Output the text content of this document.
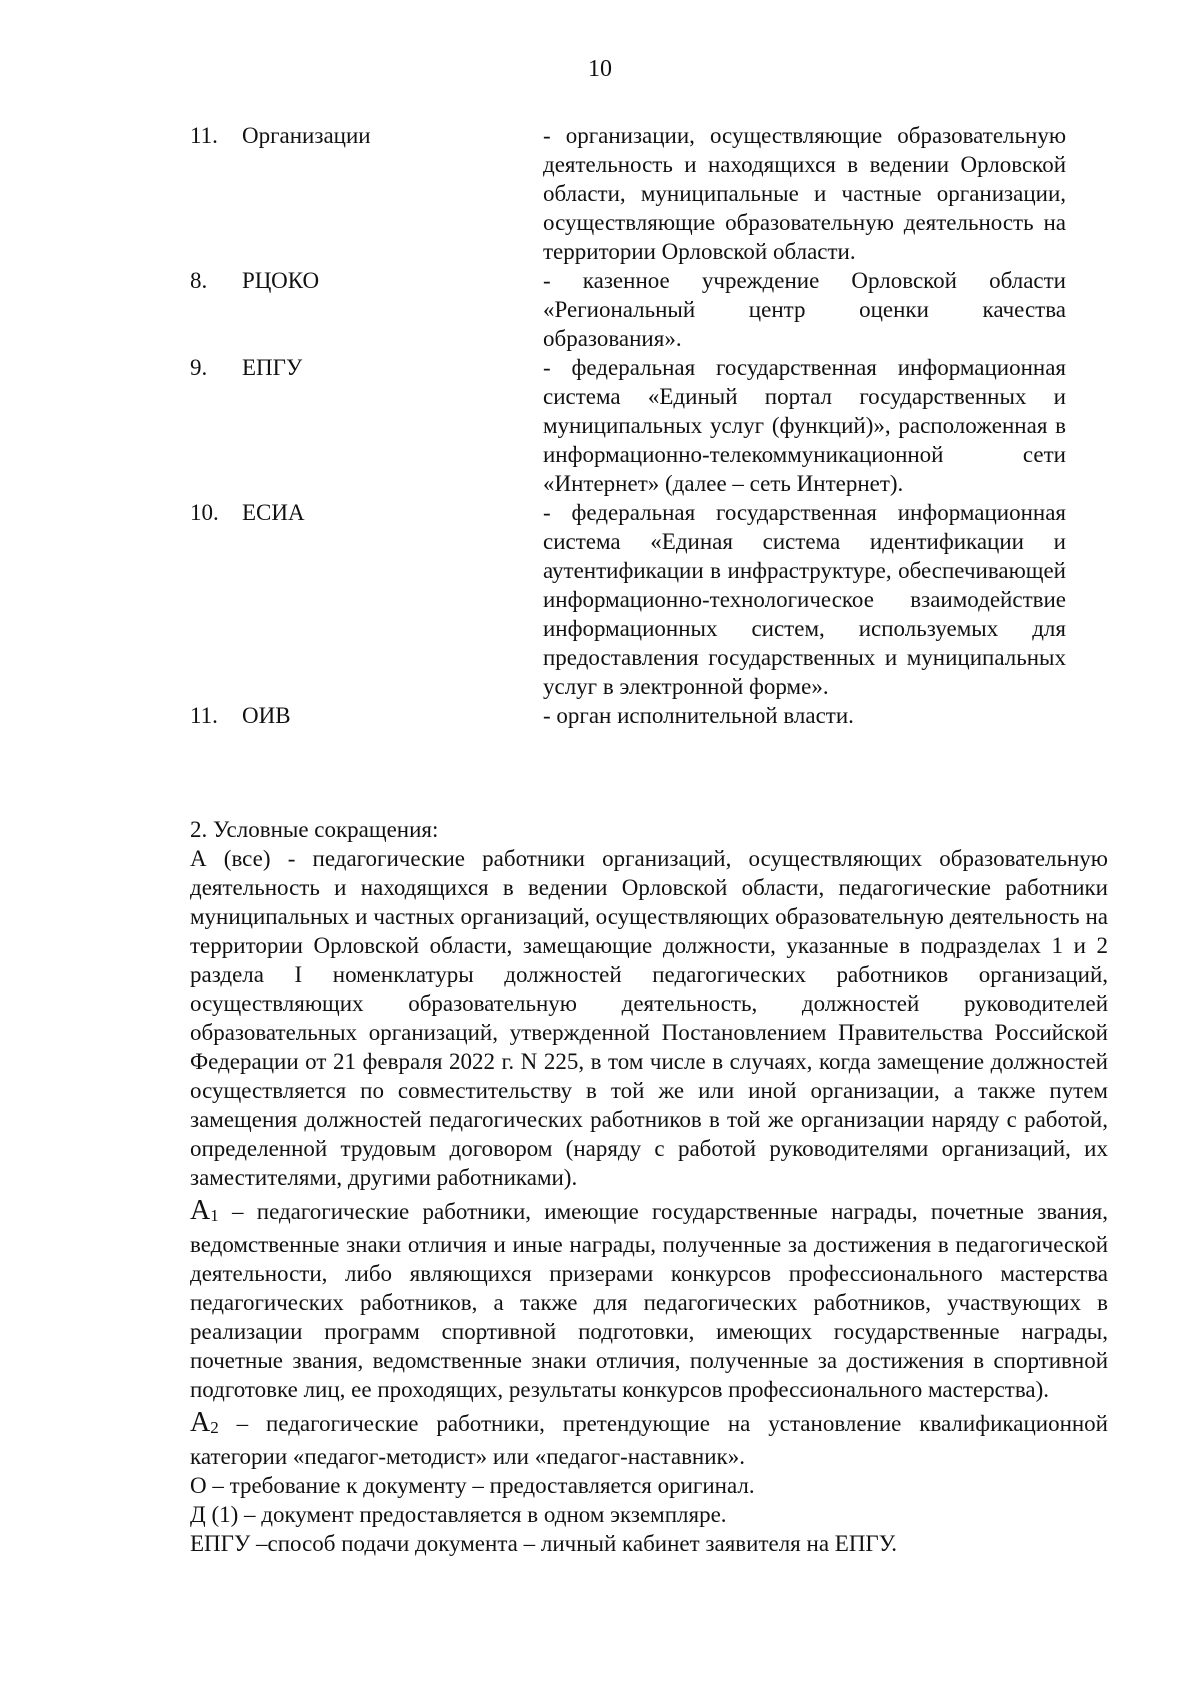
10
11.	Организации	- организации, осуществляющие образовательную деятельность и находящихся в ведении Орловской области, муниципальные и частные организации, осуществляющие образовательную деятельность на территории Орловской области.
8.	РЦОКО	- казенное учреждение Орловской области «Региональный центр оценки качества образования».
9.	ЕПГУ	- федеральная государственная информационная система «Единый портал государственных и муниципальных услуг (функций)», расположенная в информационно-телекоммуникационной сети «Интернет» (далее – сеть Интернет).
10.	ЕСИА	- федеральная государственная информационная система «Единая система идентификации и аутентификации в инфраструктуре, обеспечивающей информационно-технологическое взаимодействие информационных систем, используемых для предоставления государственных и муниципальных услуг в электронной форме».
11.	ОИВ	- орган исполнительной власти.

2. Условные сокращения:

А (все) - педагогические работники организаций, осуществляющих образовательную деятельность и находящихся в ведении Орловской области, педагогические работники муниципальных и частных организаций, осуществляющих образовательную деятельность на территории Орловской области, замещающие должности, указанные в подразделах 1 и 2 раздела I номенклатуры должностей педагогических работников организаций, осуществляющих образовательную деятельность, должностей руководителей образовательных организаций, утвержденной Постановлением Правительства Российской Федерации от 21 февраля 2022 г. N 225, в том числе в случаях, когда замещение должностей осуществляется по совместительству в той же или иной организации, а также путем замещения должностей педагогических работников в той же организации наряду с работой, определенной трудовым договором (наряду с работой руководителями организаций, их заместителями, другими работниками).

$А_1$ – педагогические работники, имеющие государственные награды, почетные звания, ведомственные знаки отличия и иные награды, полученные за достижения в педагогической деятельности, либо являющихся призерами конкурсов профессионального мастерства педагогических работников, а также для педагогических работников, участвующих в реализации программ спортивной подготовки, имеющих государственные награды, почетные звания, ведомственные знаки отличия, полученные за достижения в спортивной подготовке лиц, ее проходящих, результаты конкурсов профессионального мастерства).

$А_2$ – педагогические работники, претендующие на установление квалификационной категории «педагог-методист» или «педагог-наставник».

О – требование к документу – предоставляется оригинал.

Д (1) – документ предоставляется в одном экземпляре.

ЕПГУ –способ подачи документа – личный кабинет заявителя на ЕПГУ.
